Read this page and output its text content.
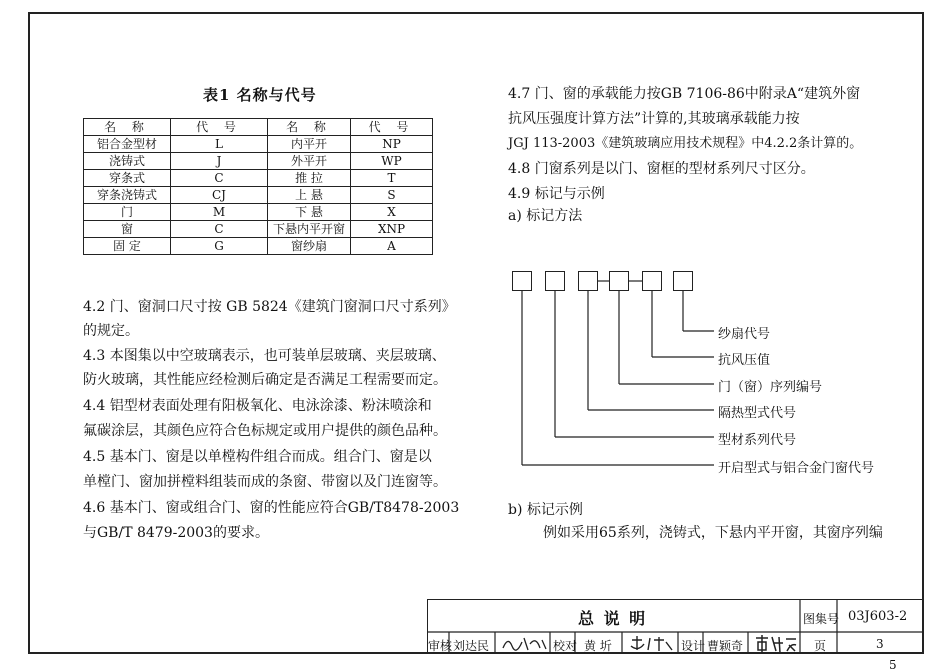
表1 名称与代号
名 称	代 号	名 称	代 号
铝合金型材	L	内平开	NP
浇铸式	J	外平开	WP
穿条式	C	推 拉	T
穿条浇铸式	CJ	上 悬	S
门	M	下 悬	X
窗	C	下悬内平开窗	XNP
固 定	G	窗纱扇	A
4.2 门、窗洞口尺寸按 GB 5824《建筑门窗洞口尺寸系列》
的规定。
4.3 本图集以中空玻璃表示，也可装单层玻璃、夹层玻璃、
防火玻璃，其性能应经检测后确定是否满足工程需要而定。
4.4 铝型材表面处理有阳极氧化、电泳涂漆、粉沫喷涂和
氟碳涂层，其颜色应符合色标规定或用户提供的颜色品种。
4.5 基本门、窗是以单樘构件组合而成。组合门、窗是以
单樘门、窗加拼樘料组装而成的条窗、带窗以及门连窗等。
4.6 基本门、窗或组合门、窗的性能应符合GB/T8478-2003
与GB/T 8479-2003的要求。
4.7 门、窗的承载能力按GB 7106-86中附录A“建筑外窗
抗风压强度计算方法”计算的,其玻璃承载能力按
JGJ 113-2003《建筑玻璃应用技术规程》中4.2.2条计算的。
4.8 门窗系列是以门、窗框的型材系列尺寸区分。
4.9 标记与示例
a) 标记方法
纱扇代号
抗风压值
门（窗）序列编号
隔热型式代号
型材系列代号
开启型式与铝合金门窗代号
b) 标记示例
例如采用65系列，浇铸式，下悬内平开窗，其窗序列编
总 说 明	图集号 03J603-2
审核 刘达民	校对 黄 圻	设计 曹颖奇	页	3
5
